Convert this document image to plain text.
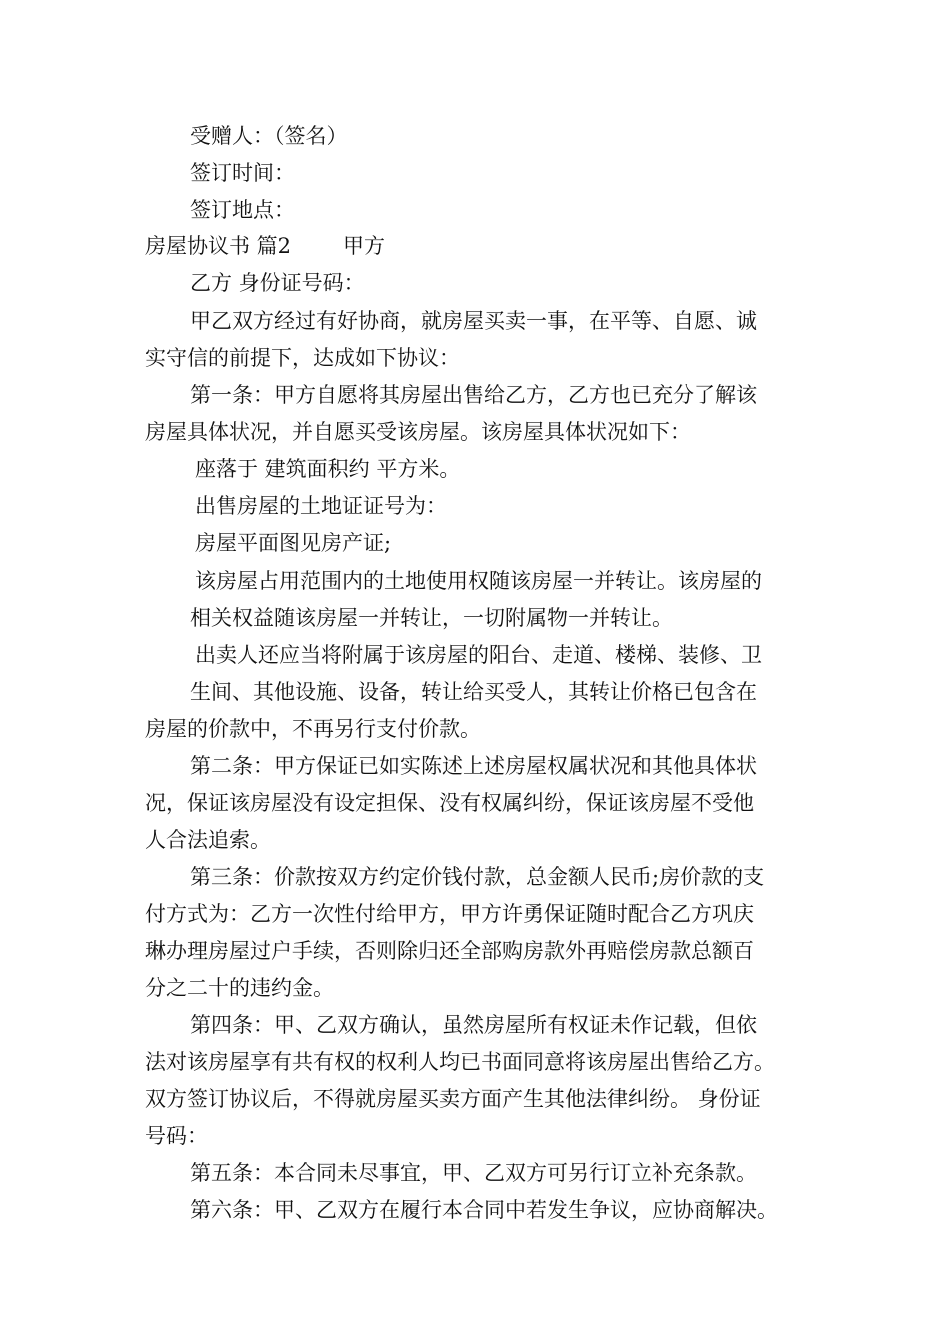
受赠人：（签名）
签订时间：
签订地点：
房屋协议书 篇2 甲方
乙方 身份证号码：
甲乙双方经过有好协商，就房屋买卖一事，在平等、自愿、诚
实守信的前提下，达成如下协议：
第一条：甲方自愿将其房屋出售给乙方，乙方也已充分了解该
房屋具体状况，并自愿买受该房屋。该房屋具体状况如下：
座落于 建筑面积约 平方米。
出售房屋的土地证证号为：
房屋平面图见房产证;
该房屋占用范围内的土地使用权随该房屋一并转让。该房屋的
相关权益随该房屋一并转让，一切附属物一并转让。
出卖人还应当将附属于该房屋的阳台、走道、楼梯、装修、卫
生间、其他设施、设备，转让给买受人，其转让价格已包含在
房屋的价款中，不再另行支付价款。
第二条：甲方保证已如实陈述上述房屋权属状况和其他具体状
况，保证该房屋没有设定担保、没有权属纠纷，保证该房屋不受他
人合法追索。
第三条：价款按双方约定价钱付款，总金额人民币;房价款的支
付方式为：乙方一次性付给甲方，甲方许勇保证随时配合乙方巩庆
琳办理房屋过户手续，否则除归还全部购房款外再赔偿房款总额百
分之二十的违约金。
第四条：甲、乙双方确认，虽然房屋所有权证未作记载，但依
法对该房屋享有共有权的权利人均已书面同意将该房屋出售给乙方。
双方签订协议后，不得就房屋买卖方面产生其他法律纠纷。 身份证
号码：
第五条：本合同未尽事宜，甲、乙双方可另行订立补充条款。
第六条：甲、乙双方在履行本合同中若发生争议，应协商解决。
